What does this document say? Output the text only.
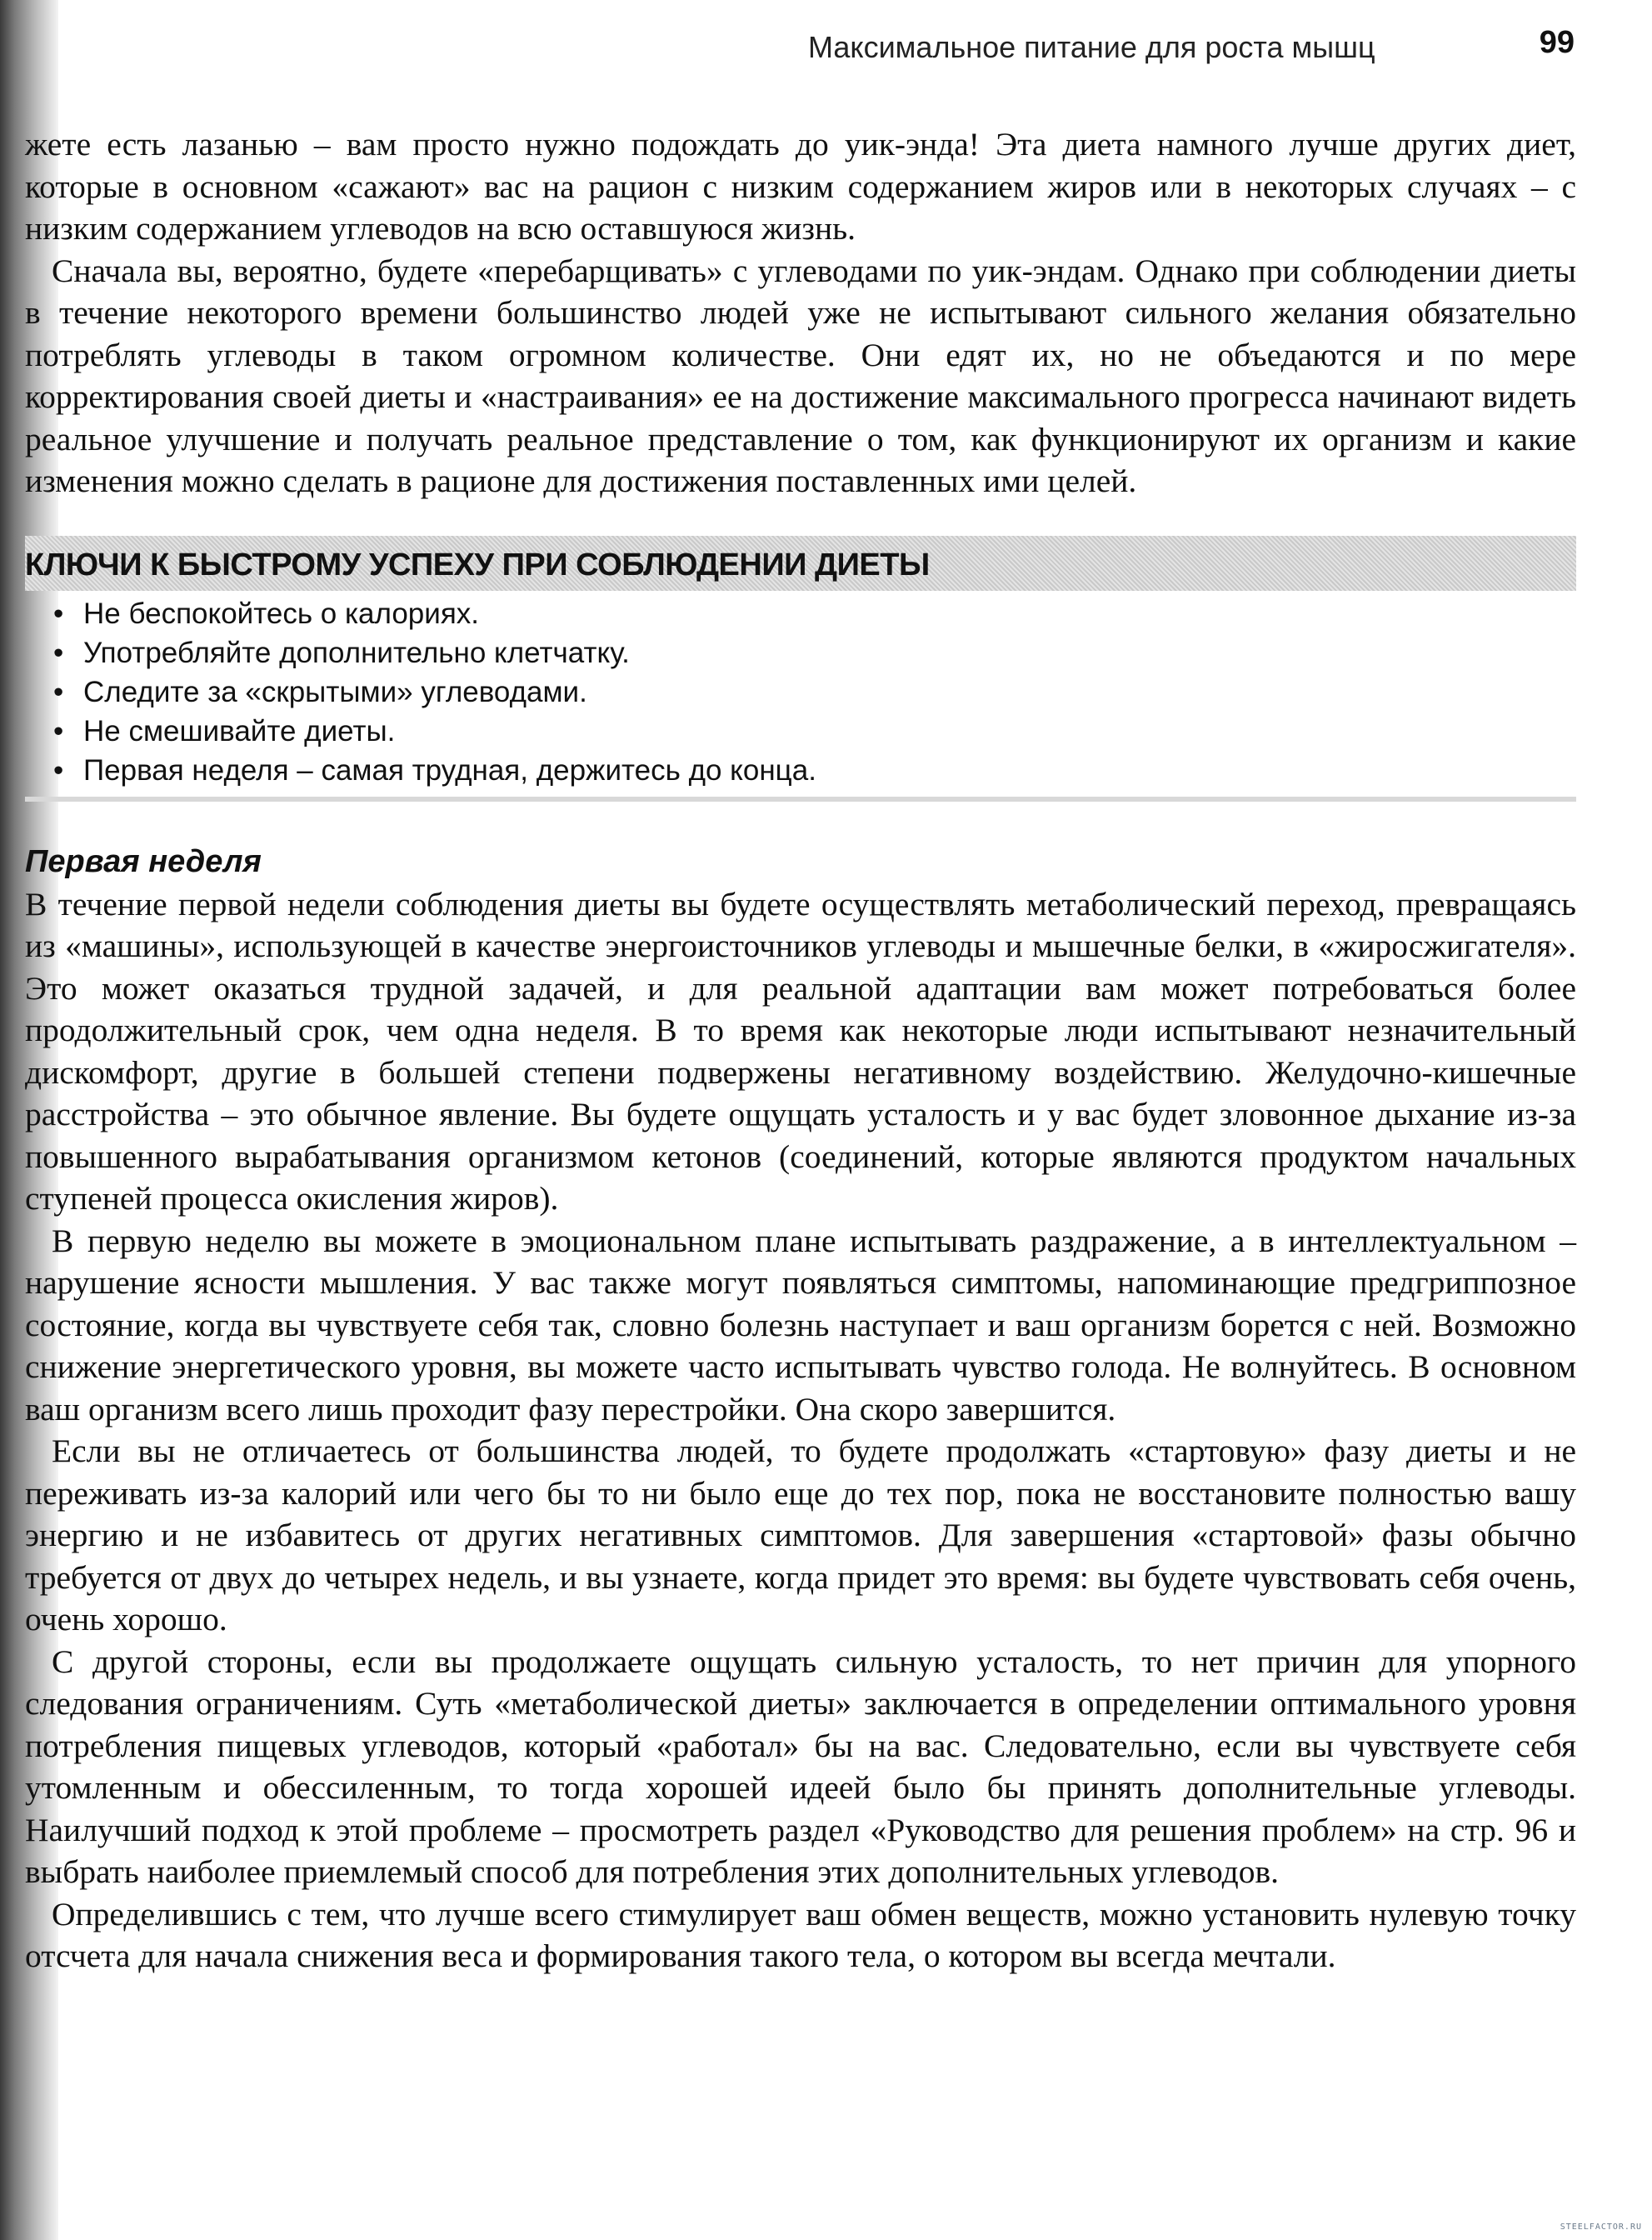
Максимальное питание для роста мышц	99

жете есть лазанью – вам просто нужно подождать до уик-энда! Эта диета намного лучше других диет, которые в основном «сажают» вас на рацион с низким содержанием жиров или в некоторых случаях – с низким содержанием углеводов на всю оставшуюся жизнь.

Сначала вы, вероятно, будете «перебарщивать» с углеводами по уик-эндам. Однако при соблюдении диеты в течение некоторого времени большинство людей уже не испытывают сильного желания обязательно потреблять углеводы в таком огромном количестве. Они едят их, но не объедаются и по мере корректирования своей диеты и «настраивания» ее на достижение максимального прогресса начинают видеть реальное улучшение и получать реальное представление о том, как функционируют их организм и какие изменения можно сделать в рационе для достижения поставленных ими целей.

КЛЮЧИ К БЫСТРОМУ УСПЕХУ ПРИ СОБЛЮДЕНИИ ДИЕТЫ
• Не беспокойтесь о калориях.
• Употребляйте дополнительно клетчатку.
• Следите за «скрытыми» углеводами.
• Не смешивайте диеты.
• Первая неделя – самая трудная, держитесь до конца.
Первая неделя

В течение первой недели соблюдения диеты вы будете осуществлять метаболический переход, превращаясь из «машины», использующей в качестве энергоисточников углеводы и мышечные белки, в «жиросжигателя». Это может оказаться трудной задачей, и для реальной адаптации вам может потребоваться более продолжительный срок, чем одна неделя. В то время как некоторые люди испытывают незначительный дискомфорт, другие в большей степени подвержены негативному воздействию. Желудочно-кишечные расстройства – это обычное явление. Вы будете ощущать усталость и у вас будет зловонное дыхание из-за повышенного вырабатывания организмом кетонов (соединений, которые являются продуктом начальных ступеней процесса окисления жиров).

В первую неделю вы можете в эмоциональном плане испытывать раздражение, а в интеллектуальном – нарушение ясности мышления. У вас также могут появляться симптомы, напоминающие предгриппозное состояние, когда вы чувствуете себя так, словно болезнь наступает и ваш организм борется с ней. Возможно снижение энергетического уровня, вы можете часто испытывать чувство голода. Не волнуйтесь. В основном ваш организм всего лишь проходит фазу перестройки. Она скоро завершится.

Если вы не отличаетесь от большинства людей, то будете продолжать «стартовую» фазу диеты и не переживать из-за калорий или чего бы то ни было еще до тех пор, пока не восстановите полностью вашу энергию и не избавитесь от других негативных симптомов. Для завершения «стартовой» фазы обычно требуется от двух до четырех недель, и вы узнаете, когда придет это время: вы будете чувствовать себя очень, очень хорошо.

С другой стороны, если вы продолжаете ощущать сильную усталость, то нет причин для упорного следования ограничениям. Суть «метаболической диеты» заключается в определении оптимального уровня потребления пищевых углеводов, который «работал» бы на вас. Следовательно, если вы чувствуете себя утомленным и обессиленным, то тогда хорошей идеей было бы принять дополнительные углеводы. Наилучший подход к этой проблеме – просмотреть раздел «Руководство для решения проблем» на стр. 96 и выбрать наиболее приемлемый способ для потребления этих дополнительных углеводов.

Определившись с тем, что лучше всего стимулирует ваш обмен веществ, можно установить нулевую точку отсчета для начала снижения веса и формирования такого тела, о котором вы всегда мечтали.

STEELFACTOR.RU
